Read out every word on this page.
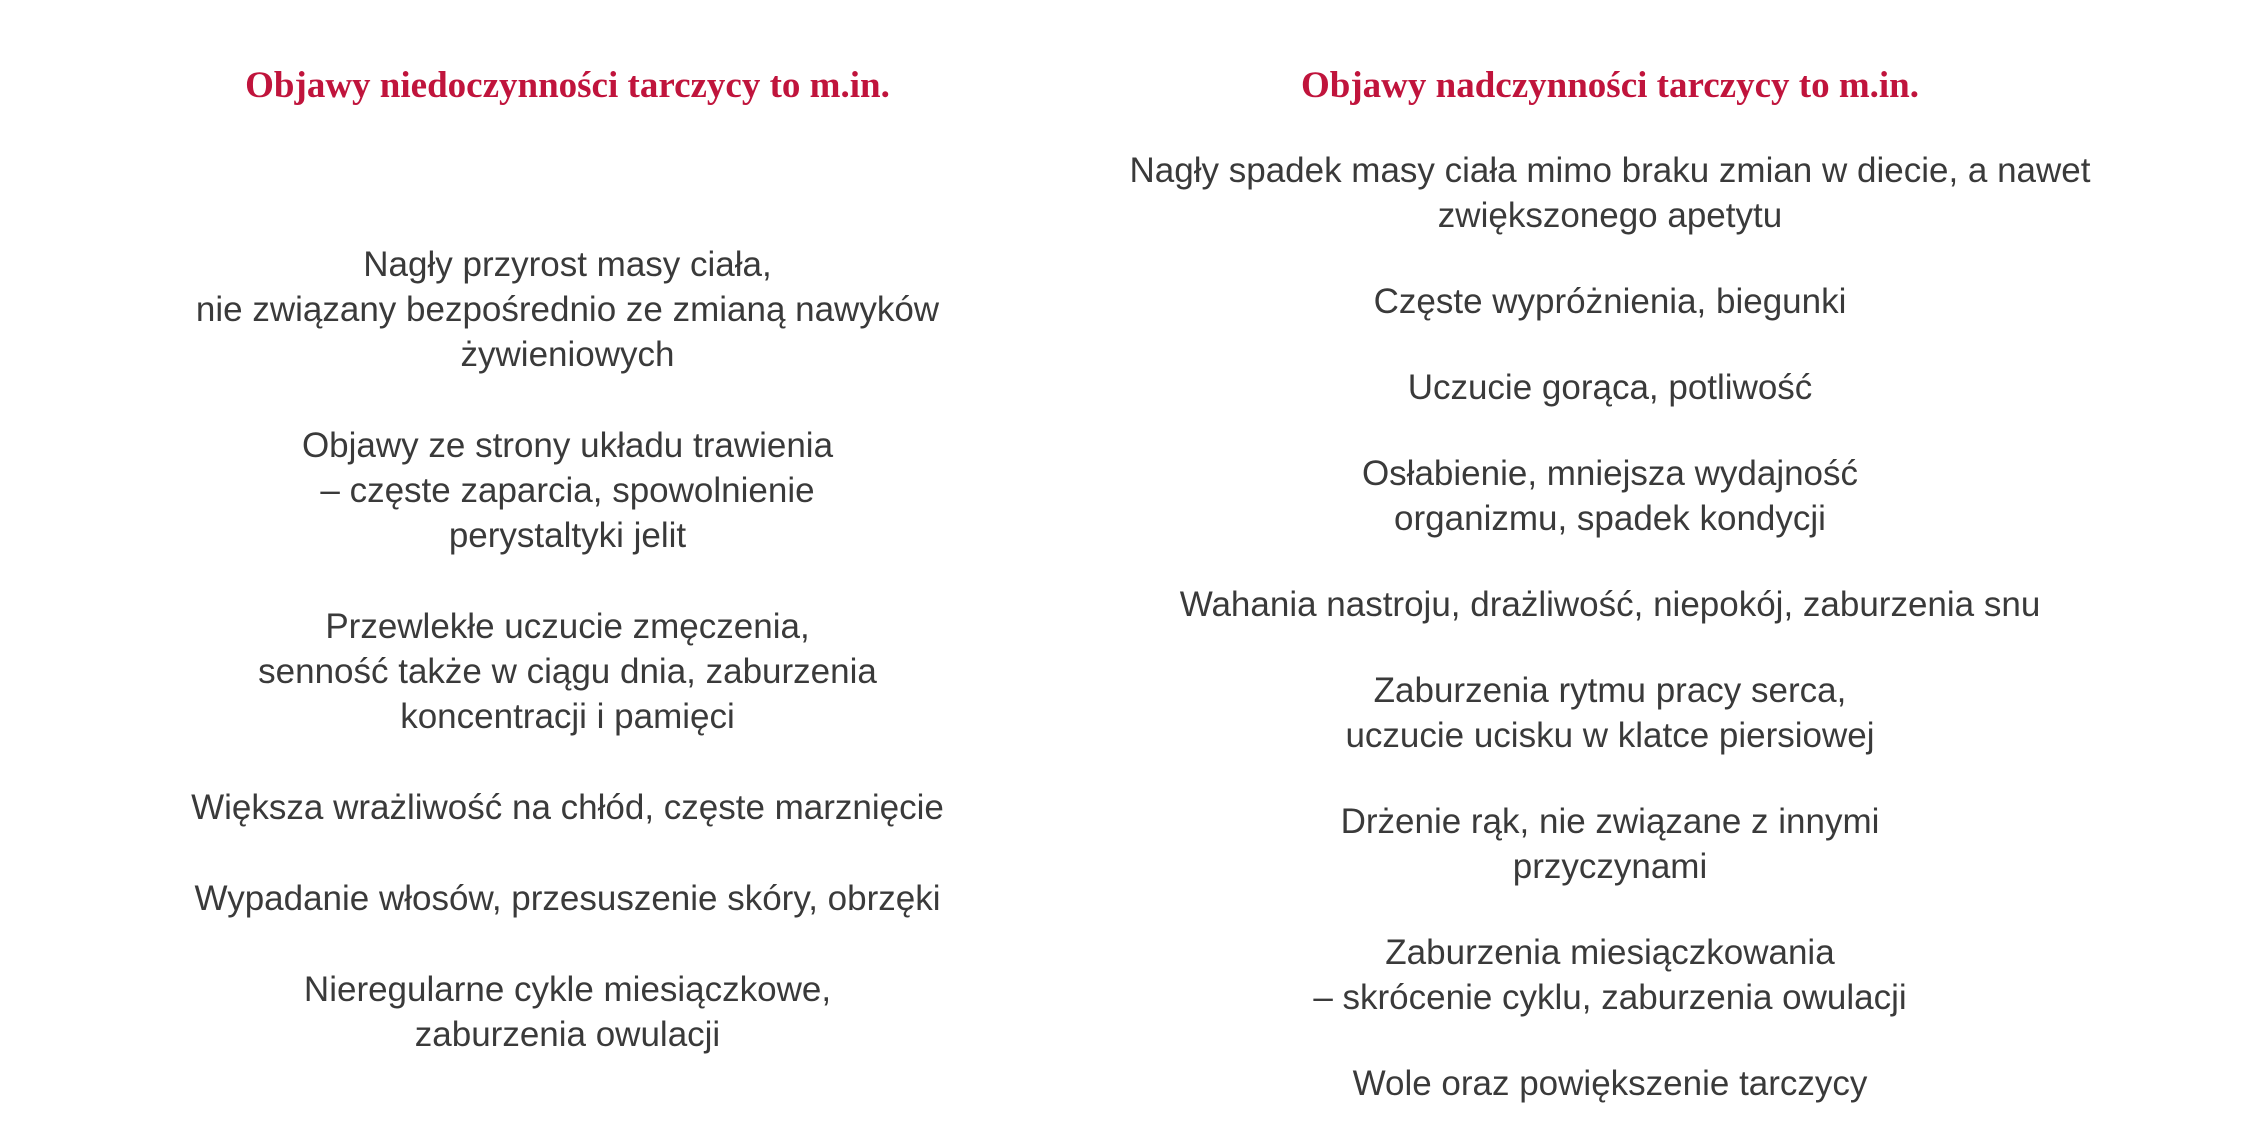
Objawy niedoczynności tarczycy to m.in.
Nagły przyrost masy ciała,
nie związany bezpośrednio ze zmianą nawyków
żywieniowych
Objawy ze strony układu trawienia
– częste zaparcia, spowolnienie
perystaltyki jelit
Przewlekłe uczucie zmęczenia,
senność także w ciągu dnia, zaburzenia
koncentracji i pamięci
Większa wrażliwość na chłód, częste marznięcie
Wypadanie włosów, przesuszenie skóry, obrzęki
Nieregularne cykle miesiączkowe,
zaburzenia owulacji
Objawy nadczynności tarczycy to m.in.
Nagły spadek masy ciała mimo braku zmian w diecie, a nawet
zwiększonego apetytu
Częste wypróżnienia, biegunki
Uczucie gorąca, potliwość
Osłabienie, mniejsza wydajność
organizmu, spadek kondycji
Wahania nastroju, drażliwość, niepokój, zaburzenia snu
Zaburzenia rytmu pracy serca,
uczucie ucisku w klatce piersiowej
Drżenie rąk, nie związane z innymi
przyczynami
Zaburzenia miesiączkowania
– skrócenie cyklu, zaburzenia owulacji
Wole oraz powiększenie tarczycy
